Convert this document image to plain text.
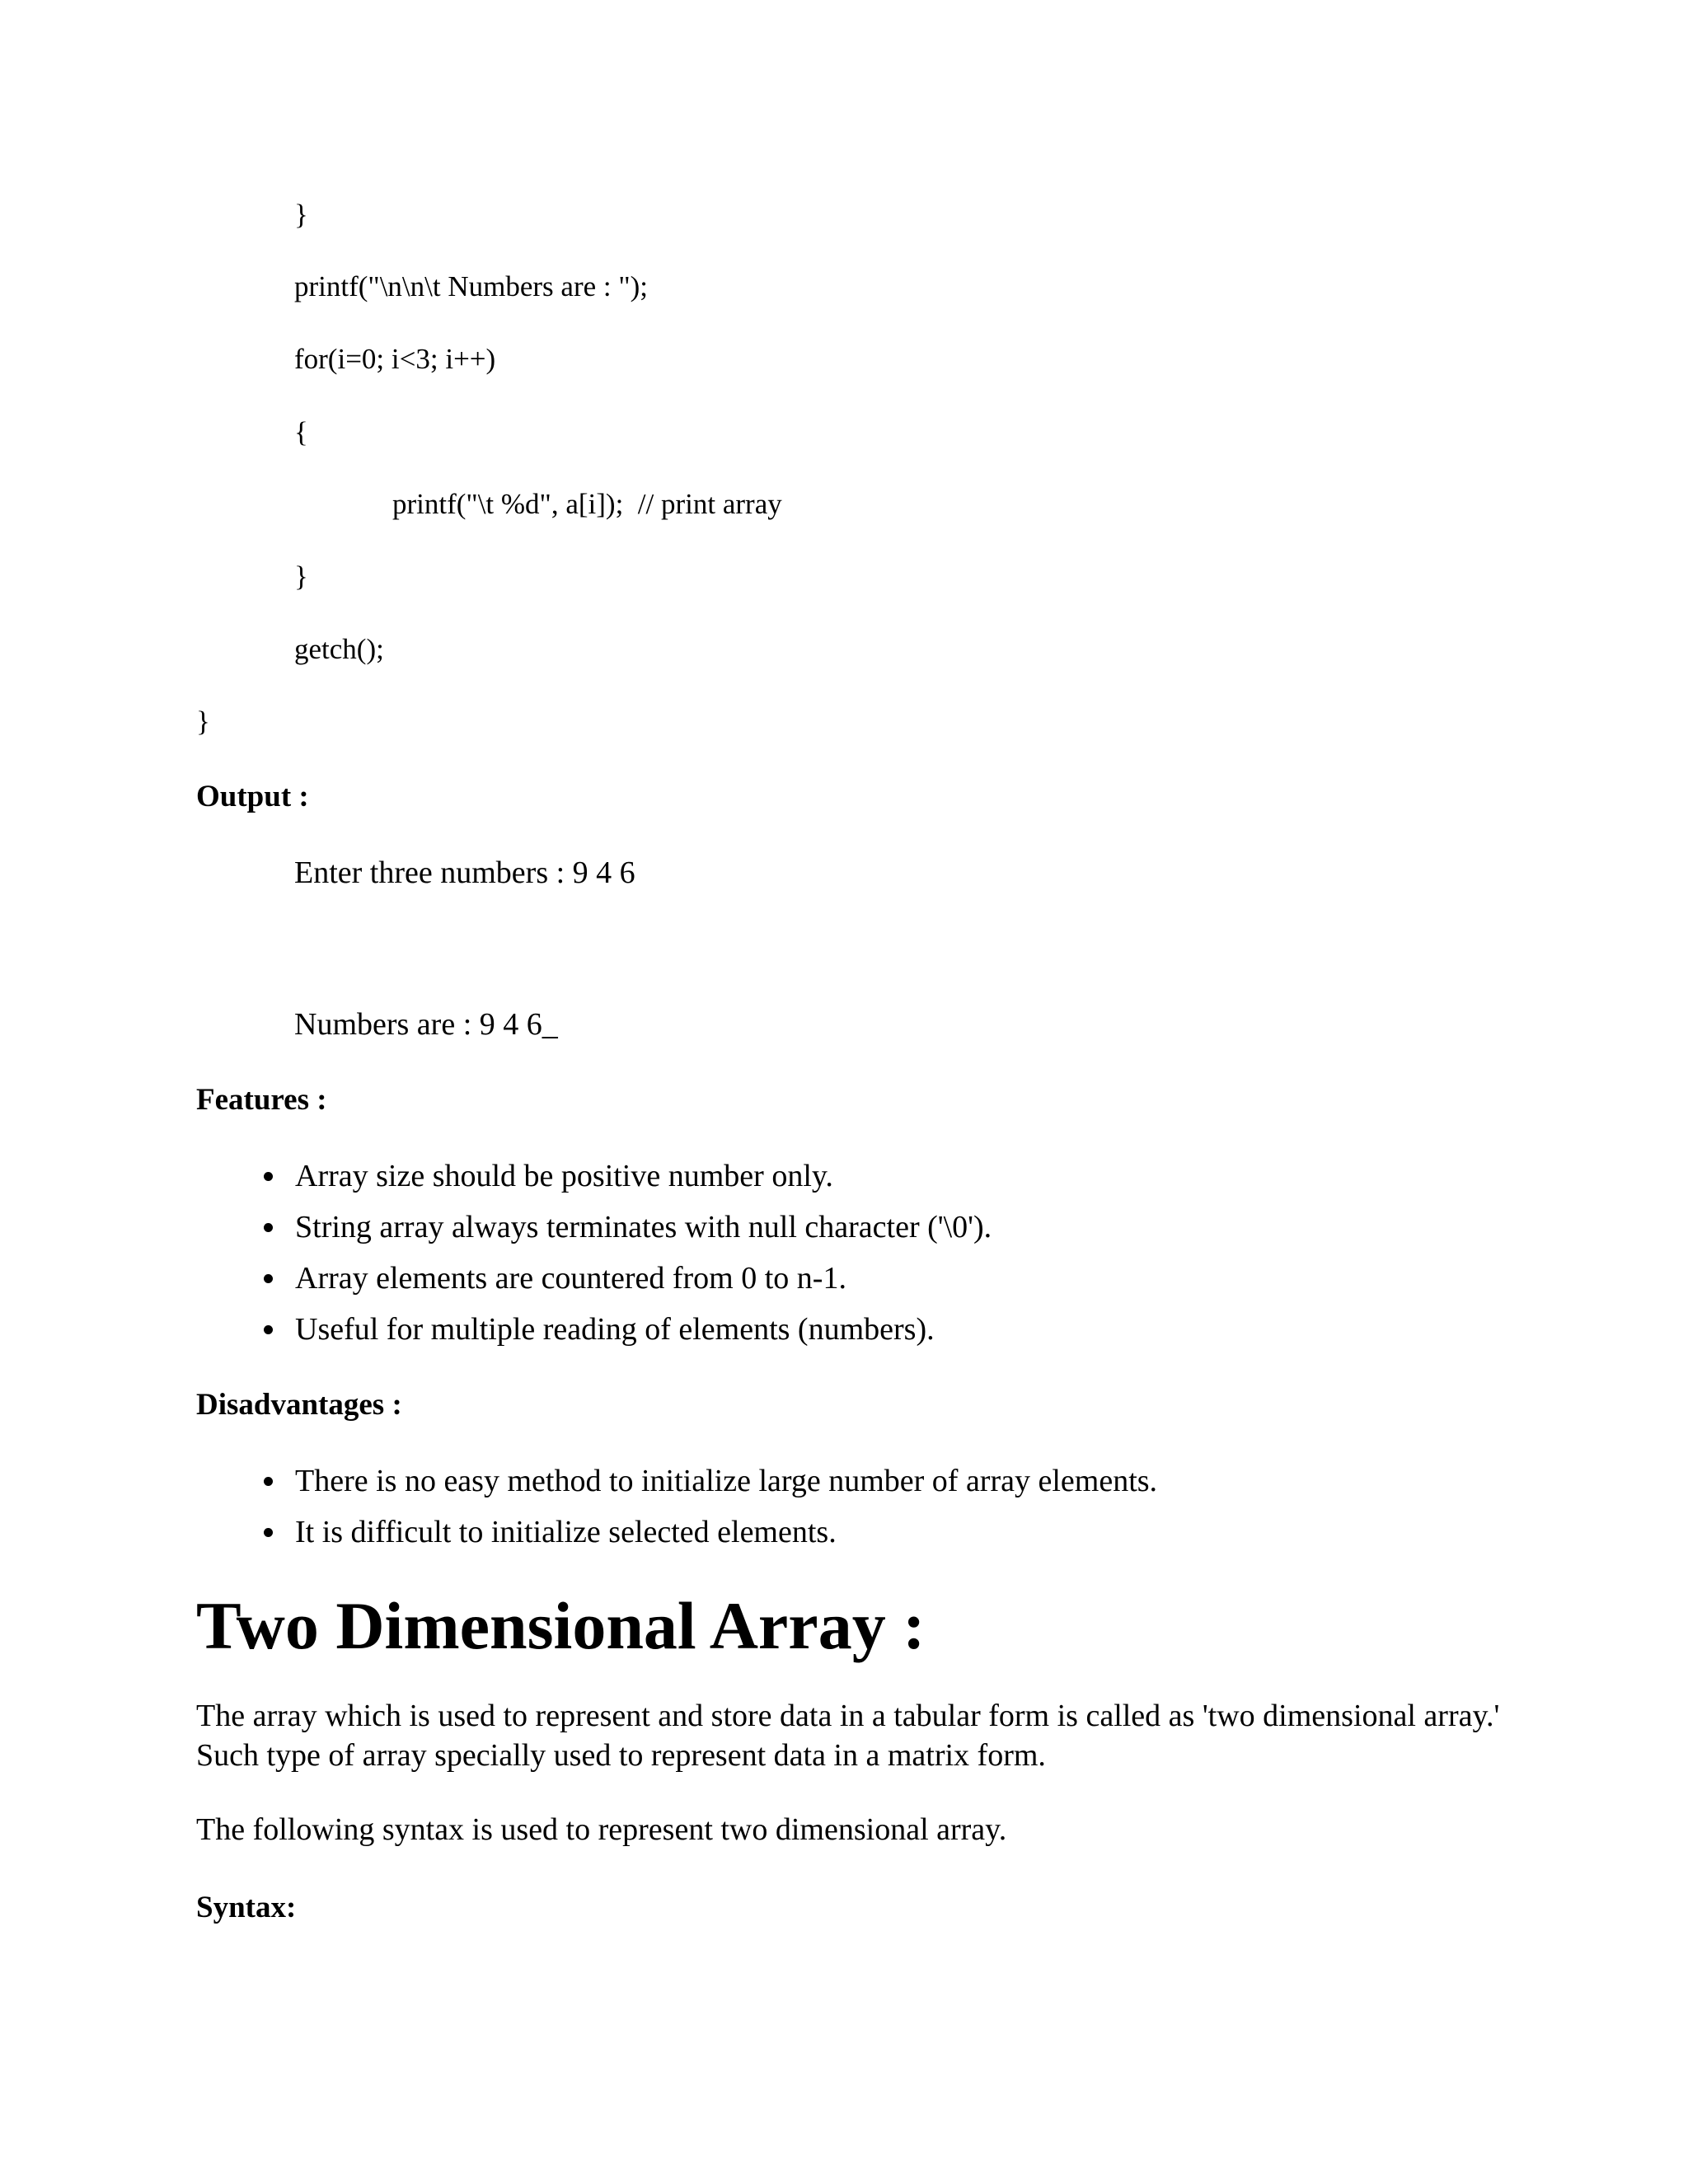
}
printf("\n\n\t Numbers are : ");
for(i=0; i<3; i++)
{
printf("\t %d", a[i]);  // print array
}
getch();
}
Output :
Enter three numbers : 9 4 6
Numbers are : 9 4 6_
Features :
Array size should be positive number only.
String array always terminates with null character ('\0').
Array elements are countered from 0 to n-1.
Useful for multiple reading of elements (numbers).
Disadvantages :
There is no easy method to initialize large number of array elements.
It is difficult to initialize selected elements.
Two Dimensional Array :

The array which is used to represent and store data in a tabular form is called as 'two dimensional array.' Such type of array specially used to represent data in a matrix form.

The following syntax is used to represent two dimensional array.

Syntax:
